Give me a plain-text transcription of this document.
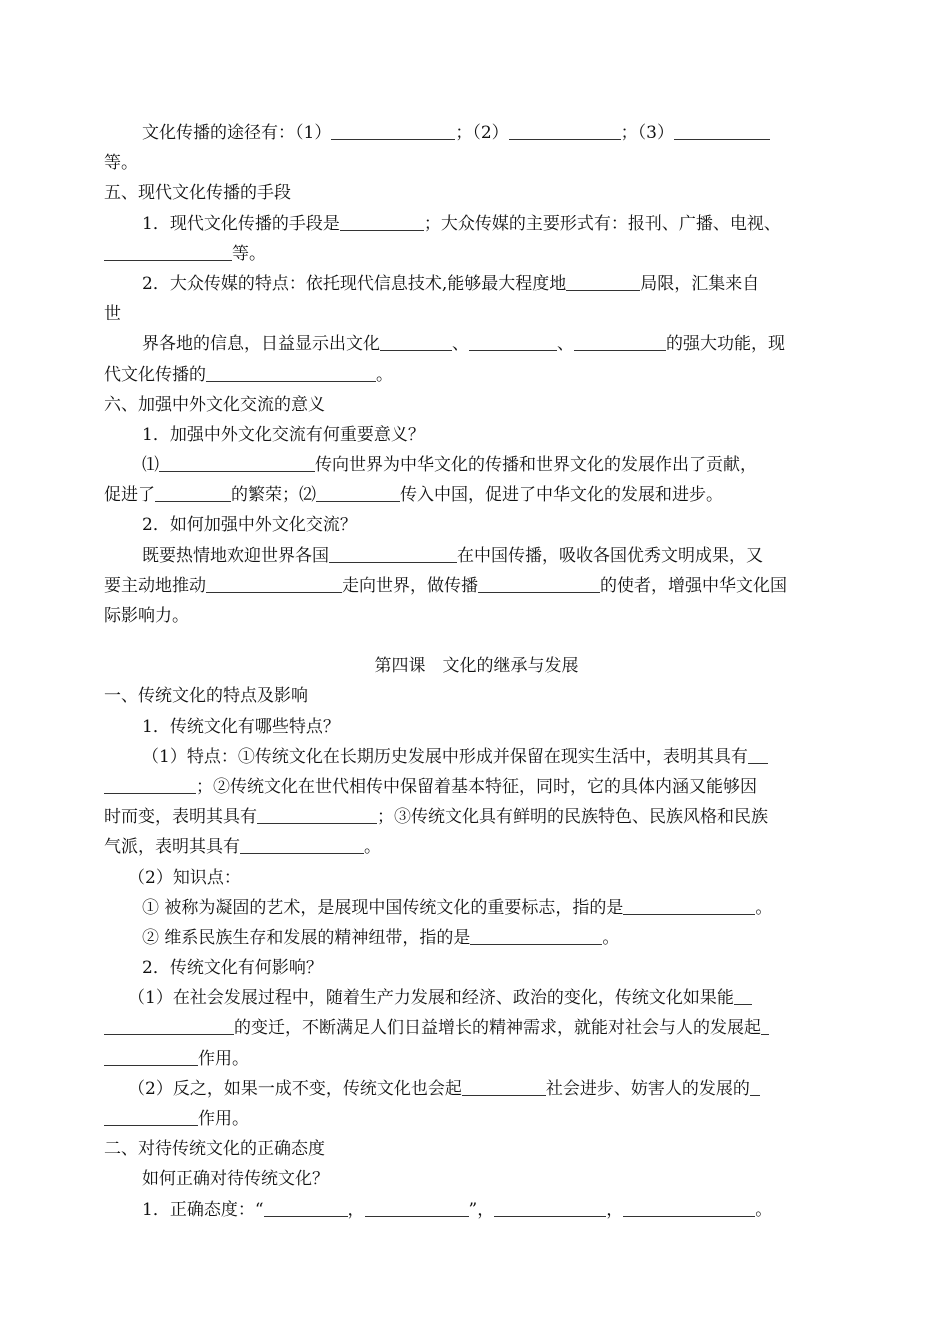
文化传播的途径有：（1）	；（2）	；（3）
等。
五、现代文化传播的手段
1．现代文化传播的手段是	；大众传媒的主要形式有：报刊、广播、电视、
等。
2．大众传媒的特点：依托现代信息技术,能够最大程度地	局限，汇集来自
世
界各地的信息，日益显示出文化	、	、	的强大功能，现
代文化传播的	。
六、加强中外文化交流的意义
1．加强中外文化交流有何重要意义？
⑴	传向世界为中华文化的传播和世界文化的发展作出了贡献，
促进了	的繁荣；⑵	传入中国，促进了中华文化的发展和进步。
2．如何加强中外文化交流？
既要热情地欢迎世界各国	在中国传播，吸收各国优秀文明成果，又
要主动地推动	走向世界，做传播	的使者，增强中华文化国
际影响力。
第四课　文化的继承与发展
一、传统文化的特点及影响
1．传统文化有哪些特点？
（1）特点：①传统文化在长期历史发展中形成并保留在现实生活中，表明其具有
；②传统文化在世代相传中保留着基本特征，同时，它的具体内涵又能够因
时而变，表明其具有	；③传统文化具有鲜明的民族特色、民族风格和民族
气派，表明其具有	。
（2）知识点：
① 被称为凝固的艺术，是展现中国传统文化的重要标志，指的是	。
② 维系民族生存和发展的精神纽带，指的是	。
2．传统文化有何影响？
（1）在社会发展过程中，随着生产力发展和经济、政治的变化，传统文化如果能
的变迁，不断满足人们日益增长的精神需求，就能对社会与人的发展起
作用。
（2）反之，如果一成不变，传统文化也会起	社会进步、妨害人的发展的
作用。
二、对待传统文化的正确态度
如何正确对待传统文化？
1．正确态度：“	，	”，	，	。
